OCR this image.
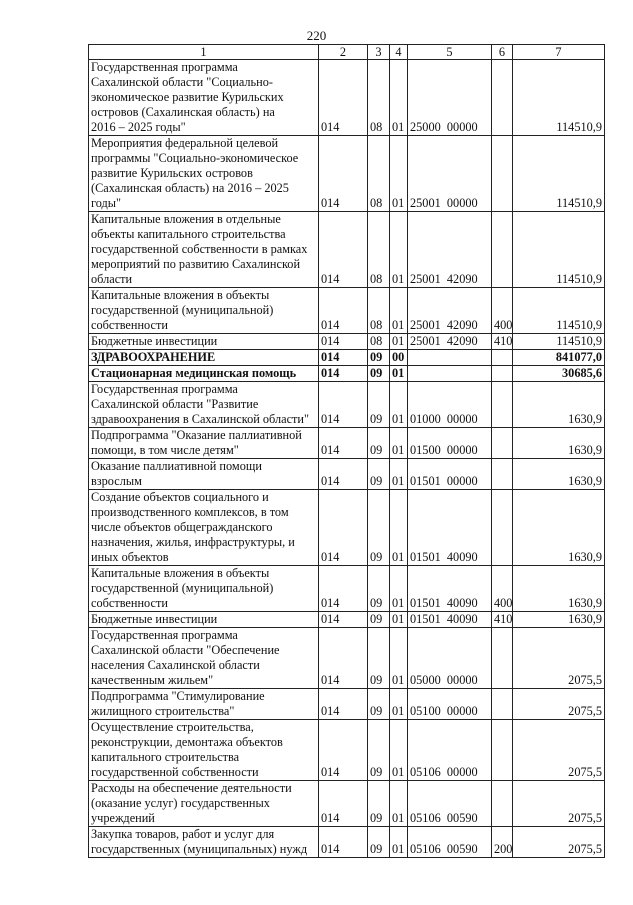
220
1	2	3	4	5	6	7
Государственная программа
Сахалинской области "Социально-
экономическое развитие Курильских
островов (Сахалинская область) на
2016 – 2025 годы"	014	08	01	25000  00000		114510,9
Мероприятия федеральной целевой
программы "Социально-экономическое
развитие Курильских островов
(Сахалинская область) на 2016 – 2025
годы"	014	08	01	25001  00000		114510,9
Капитальные вложения в отдельные
объекты капитального строительства
государственной собственности в рамках
мероприятий по развитию Сахалинской
области	014	08	01	25001  42090		114510,9
Капитальные вложения в объекты
государственной (муниципальной)
собственности	014	08	01	25001  42090	400	114510,9
Бюджетные инвестиции	014	08	01	25001  42090	410	114510,9
ЗДРАВООХРАНЕНИЕ	014	09	00			841077,0
Стационарная медицинская помощь	014	09	01			30685,6
Государственная программа
Сахалинской области "Развитие
здравоохранения в Сахалинской области"	014	09	01	01000  00000		1630,9
Подпрограмма "Оказание паллиативной
помощи, в том числе детям"	014	09	01	01500  00000		1630,9
Оказание паллиативной помощи
взрослым	014	09	01	01501  00000		1630,9
Создание объектов социального и
производственного комплексов, в том
числе объектов общегражданского
назначения, жилья, инфраструктуры, и
иных объектов	014	09	01	01501  40090		1630,9
Капитальные вложения в объекты
государственной (муниципальной)
собственности	014	09	01	01501  40090	400	1630,9
Бюджетные инвестиции	014	09	01	01501  40090	410	1630,9
Государственная программа
Сахалинской области "Обеспечение
населения Сахалинской области
качественным жильем"	014	09	01	05000  00000		2075,5
Подпрограмма "Стимулирование
жилищного строительства"	014	09	01	05100  00000		2075,5
Осуществление строительства,
реконструкции, демонтажа объектов
капитального строительства
государственной собственности	014	09	01	05106  00000		2075,5
Расходы на обеспечение деятельности
(оказание услуг) государственных
учреждений	014	09	01	05106  00590		2075,5
Закупка товаров, работ и услуг для
государственных (муниципальных) нужд	014	09	01	05106  00590	200	2075,5
